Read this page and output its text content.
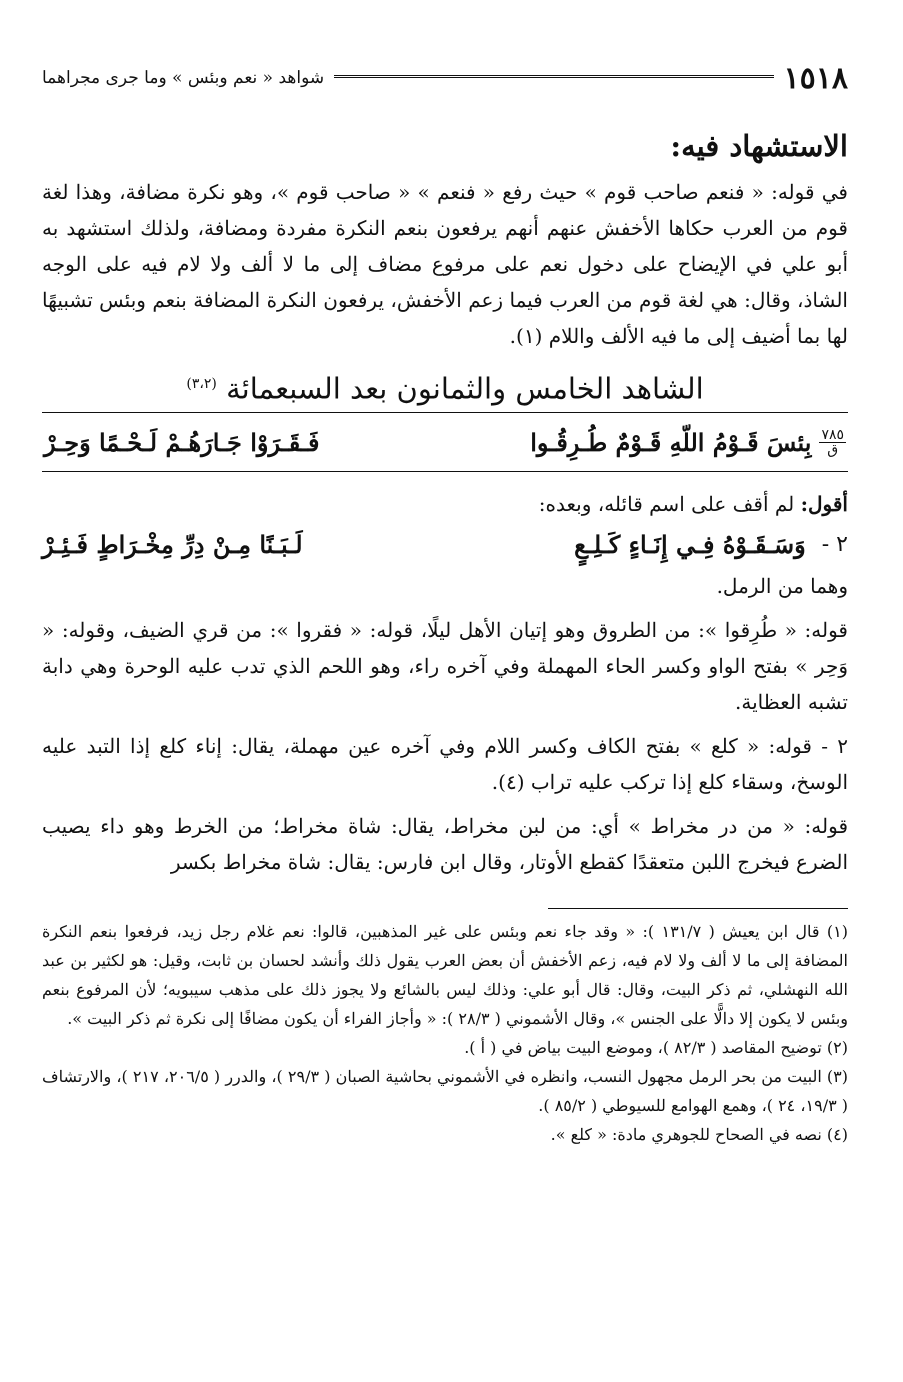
١٥١٨
شواهد « نعم وبئس » وما جرى مجراهما
الاستشهاد فيه:

في قوله: « فنعم صاحب قوم » حيث رفع « فنعم » « صاحب قوم »، وهو نكرة مضافة، وهذا لغة قوم من العرب حكاها الأخفش عنهم أنهم يرفعون بنعم النكرة مفردة ومضافة، ولذلك استشهد به أبو علي في الإيضاح على دخول نعم على مرفوع مضاف إلى ما لا ألف ولا لام فيه على الوجه الشاذ، وقال: هي لغة قوم من العرب فيما زعم الأخفش، يرفعون النكرة المضافة بنعم وبئس تشبيهًا لها بما أضيف إلى ما فيه الألف واللام (١).

الشاهد الخامس والثمانون بعد السبعمائة $^{(٣،٢)}$
٧٨٥
ق
بِئسَ قَـوْمُ اللّهِ قَـوْمٌ طُـرِقُـوا
فَـقَـرَوْا جَـارَهُـمْ لَـحْـمًا وَحِـرْ
أقول: لم أقف على اسم قائله، وبعده:
٢ -
وَسَـقَـوْهُ فِـي إِنَـاءٍ كَـلِـعٍ
لَـبَـنًا مِـنْ دِرِّ مِخْـرَاطٍ فَـئِـرْ
وهما من الرمل.

قوله: « طُرِقوا »: من الطروق وهو إتيان الأهل ليلًا، قوله: « فقروا »: من قري الضيف، وقوله: « وَحِر » بفتح الواو وكسر الحاء المهملة وفي آخره راء، وهو اللحم الذي تدب عليه الوحرة وهي دابة تشبه العظاية.

٢ - قوله: « كلع » بفتح الكاف وكسر اللام وفي آخره عين مهملة، يقال: إناء كلع إذا التبد عليه الوسخ، وسقاء كلع إذا تركب عليه تراب (٤).

قوله: « من در مخراط » أي: من لبن مخراط، يقال: شاة مخراط؛ من الخرط وهو داء يصيب الضرع فيخرج اللبن متعقدًا كقطع الأوتار، وقال ابن فارس: يقال: شاة مخراط بكسر

(١) قال ابن يعيش ( ١٣١/٧ ): « وقد جاء نعم وبئس على غير المذهبين، قالوا: نعم غلام رجل زيد، فرفعوا بنعم النكرة المضافة إلى ما لا ألف ولا لام فيه، زعم الأخفش أن بعض العرب يقول ذلك وأنشد لحسان بن ثابت، وقيل: هو لكثير بن عبد الله النهشلي، ثم ذكر البيت، وقال: قال أبو علي: وذلك ليس بالشائع ولا يجوز ذلك على مذهب سيبويه؛ لأن المرفوع بنعم وبئس لا يكون إلا دالًّا على الجنس »، وقال الأشموني ( ٢٨/٣ ): « وأجاز الفراء أن يكون مضافًا إلى نكرة ثم ذكر البيت ».

(٢) توضيح المقاصد ( ٨٢/٣ )، وموضع البيت بياض في ( أ ).

(٣) البيت من بحر الرمل مجهول النسب، وانظره في الأشموني بحاشية الصبان ( ٢٩/٣ )، والدرر ( ٢٠٦/٥، ٢١٧ )، والارتشاف ( ١٩/٣، ٢٤ )، وهمع الهوامع للسيوطي ( ٨٥/٢ ).

(٤) نصه في الصحاح للجوهري مادة: « كلع ».
